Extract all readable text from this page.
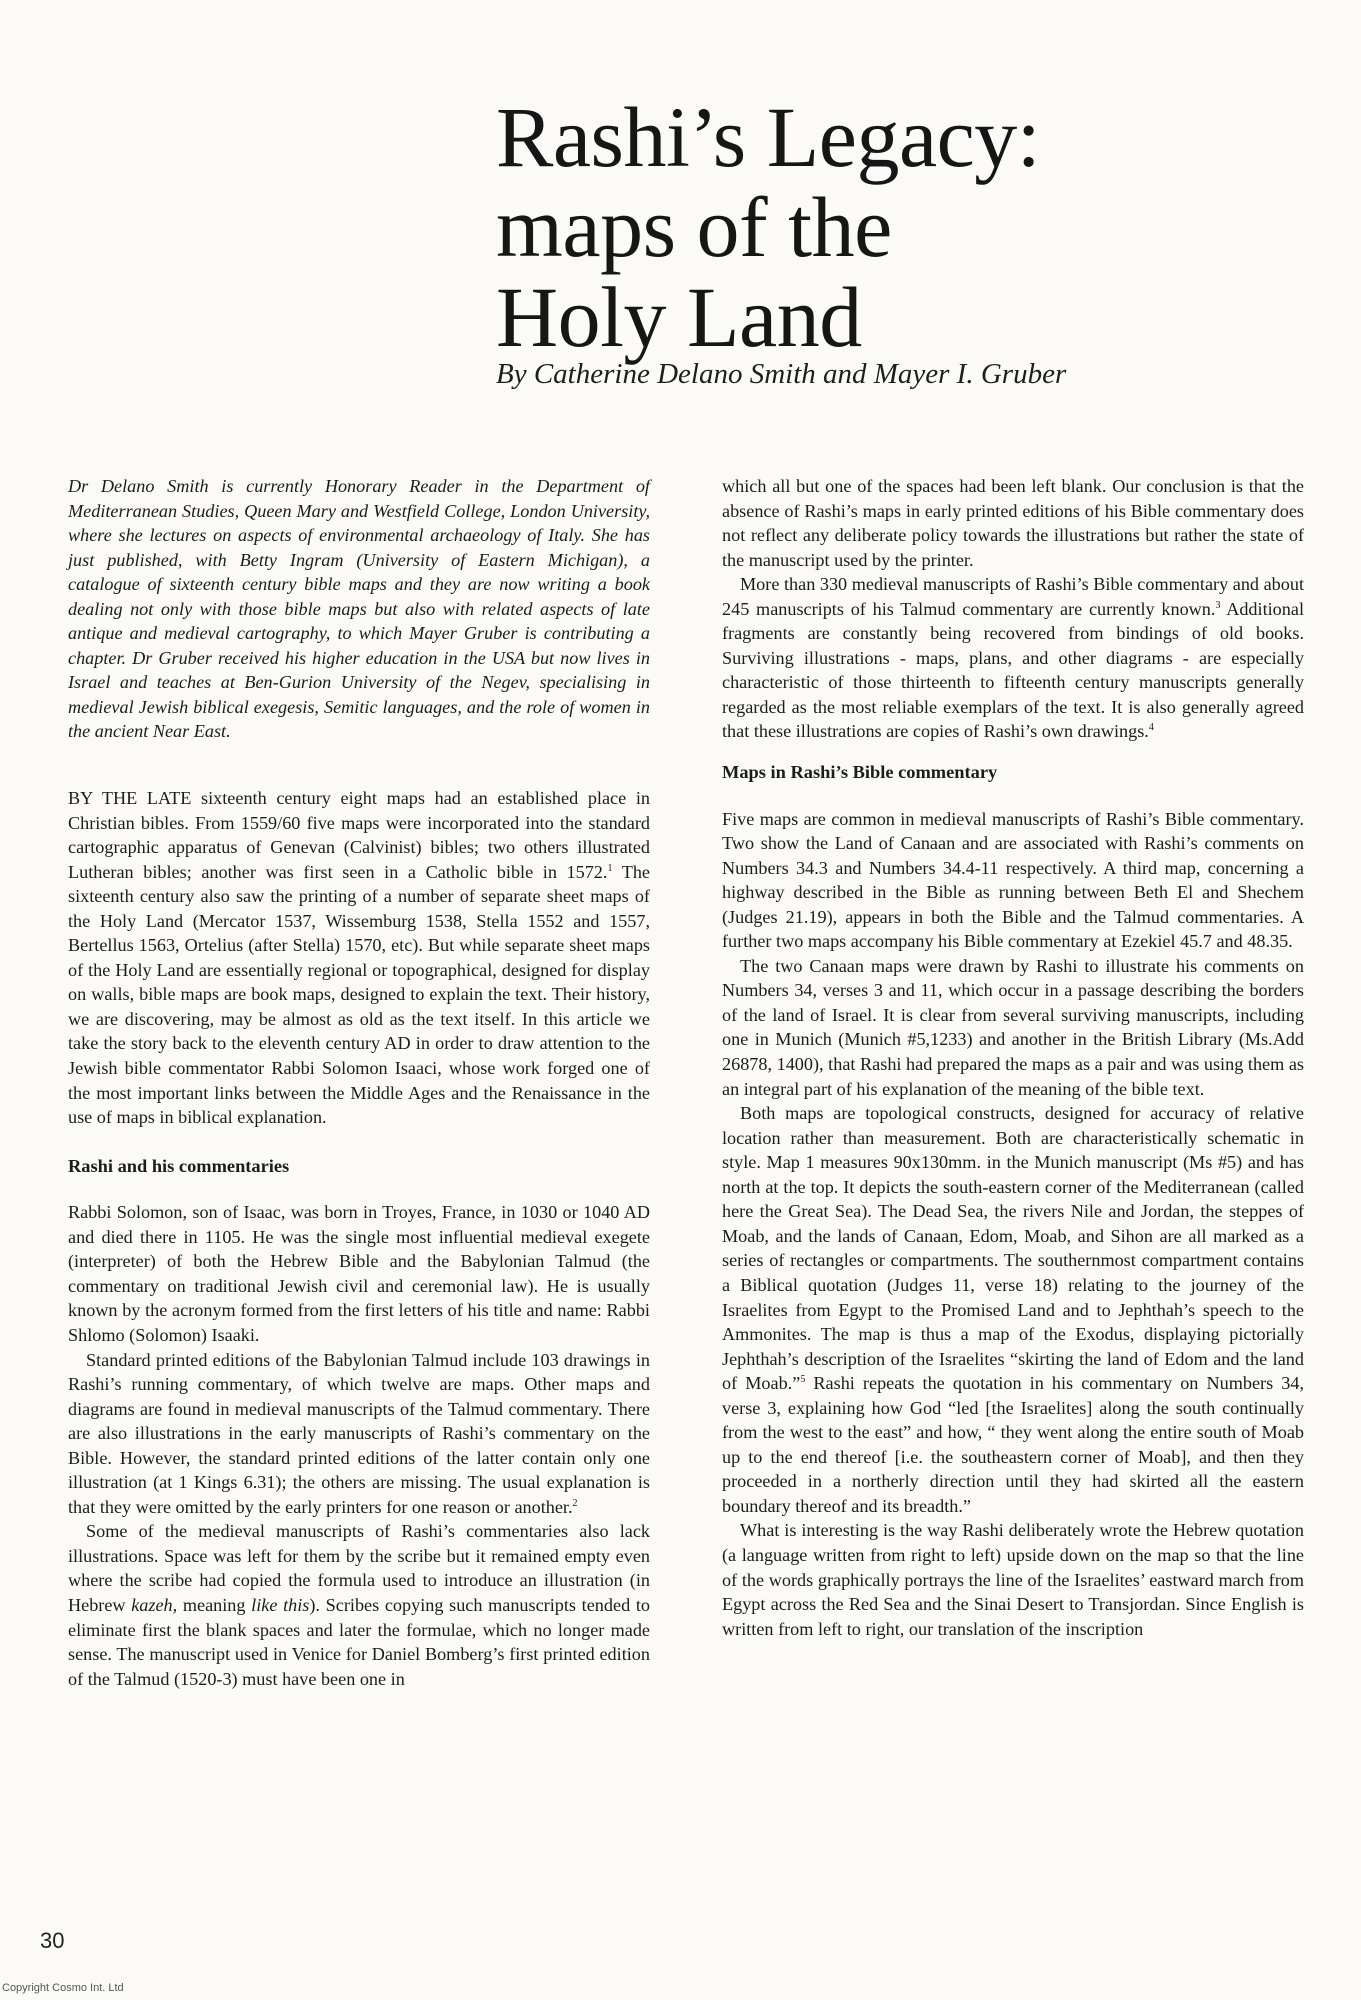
Rashi’s Legacy:
maps of the
Holy Land

By Catherine Delano Smith and Mayer I. Gruber

Dr Delano Smith is currently Honorary Reader in the Department of Mediterranean Studies, Queen Mary and Westfield College, London University, where she lectures on aspects of environmental archaeology of Italy. She has just published, with Betty Ingram (University of Eastern Michigan), a catalogue of sixteenth century bible maps and they are now writing a book dealing not only with those bible maps but also with related aspects of late antique and medieval cartography, to which Mayer Gruber is contributing a chapter. Dr Gruber received his higher education in the USA but now lives in Israel and teaches at Ben-Gurion University of the Negev, specialising in medieval Jewish biblical exegesis, Semitic languages, and the role of women in the ancient Near East.

BY THE LATE sixteenth century eight maps had an established place in Christian bibles. From 1559/60 five maps were incorporated into the standard cartographic apparatus of Genevan (Calvinist) bibles; two others illustrated Lutheran bibles; another was first seen in a Catholic bible in 1572.$^1$ The sixteenth century also saw the printing of a number of separate sheet maps of the Holy Land (Mercator 1537, Wissemburg 1538, Stella 1552 and 1557, Bertellus 1563, Ortelius (after Stella) 1570, etc). But while separate sheet maps of the Holy Land are essentially regional or topographical, designed for display on walls, bible maps are book maps, designed to explain the text. Their history, we are discovering, may be almost as old as the text itself. In this article we take the story back to the eleventh century AD in order to draw attention to the Jewish bible commentator Rabbi Solomon Isaaci, whose work forged one of the most important links between the Middle Ages and the Renaissance in the use of maps in biblical explanation.

Rashi and his commentaries

Rabbi Solomon, son of Isaac, was born in Troyes, France, in 1030 or 1040 AD and died there in 1105. He was the single most influential medieval exegete (interpreter) of both the Hebrew Bible and the Babylonian Talmud (the commentary on traditional Jewish civil and ceremonial law). He is usually known by the acronym formed from the first letters of his title and name: Rabbi Shlomo (Solomon) Isaaki.

Standard printed editions of the Babylonian Talmud include 103 drawings in Rashi’s running commentary, of which twelve are maps. Other maps and diagrams are found in medieval manuscripts of the Talmud commentary. There are also illustrations in the early manuscripts of Rashi’s commentary on the Bible. However, the standard printed editions of the latter contain only one illustration (at 1 Kings 6.31); the others are missing. The usual explanation is that they were omitted by the early printers for one reason or another.$^2$

Some of the medieval manuscripts of Rashi’s commentaries also lack illustrations. Space was left for them by the scribe but it remained empty even where the scribe had copied the formula used to introduce an illustration (in Hebrew kazeh, meaning like this). Scribes copying such manuscripts tended to eliminate first the blank spaces and later the formulae, which no longer made sense. The manuscript used in Venice for Daniel Bomberg’s first printed edition of the Talmud (1520-3) must have been one in

which all but one of the spaces had been left blank. Our conclusion is that the absence of Rashi’s maps in early printed editions of his Bible commentary does not reflect any deliberate policy towards the illustrations but rather the state of the manuscript used by the printer.

More than 330 medieval manuscripts of Rashi’s Bible commentary and about 245 manuscripts of his Talmud commentary are currently known.$^3$ Additional fragments are constantly being recovered from bindings of old books. Surviving illustrations - maps, plans, and other diagrams - are especially characteristic of those thirteenth to fifteenth century manuscripts generally regarded as the most reliable exemplars of the text. It is also generally agreed that these illustrations are copies of Rashi’s own drawings.$^4$

Maps in Rashi’s Bible commentary

Five maps are common in medieval manuscripts of Rashi’s Bible commentary. Two show the Land of Canaan and are associated with Rashi’s comments on Numbers 34.3 and Numbers 34.4-11 respectively. A third map, concerning a highway described in the Bible as running between Beth El and Shechem (Judges 21.19), appears in both the Bible and the Talmud commentaries. A further two maps accompany his Bible commentary at Ezekiel 45.7 and 48.35.

The two Canaan maps were drawn by Rashi to illustrate his comments on Numbers 34, verses 3 and 11, which occur in a passage describing the borders of the land of Israel. It is clear from several surviving manuscripts, including one in Munich (Munich #5,1233) and another in the British Library (Ms.Add 26878, 1400), that Rashi had prepared the maps as a pair and was using them as an integral part of his explanation of the meaning of the bible text.

Both maps are topological constructs, designed for accuracy of relative location rather than measurement. Both are characteristically schematic in style. Map 1 measures 90x130mm. in the Munich manuscript (Ms #5) and has north at the top. It depicts the south-eastern corner of the Mediterranean (called here the Great Sea). The Dead Sea, the rivers Nile and Jordan, the steppes of Moab, and the lands of Canaan, Edom, Moab, and Sihon are all marked as a series of rectangles or compartments. The southernmost compartment contains a Biblical quotation (Judges 11, verse 18) relating to the journey of the Israelites from Egypt to the Promised Land and to Jephthah’s speech to the Ammonites. The map is thus a map of the Exodus, displaying pictorially Jephthah’s description of the Israelites “skirting the land of Edom and the land of Moab.”$^5$ Rashi repeats the quotation in his commentary on Numbers 34, verse 3, explaining how God “led [the Israelites] along the south continually from the west to the east” and how, “ they went along the entire south of Moab up to the end thereof [i.e. the southeastern corner of Moab], and then they proceeded in a northerly direction until they had skirted all the eastern boundary thereof and its breadth.”

What is interesting is the way Rashi deliberately wrote the Hebrew quotation (a language written from right to left) upside down on the map so that the line of the words graphically portrays the line of the Israelites’ eastward march from Egypt across the Red Sea and the Sinai Desert to Transjordan. Since English is written from left to right, our translation of the inscription

30
Copyright Cosmo Int. Ltd
